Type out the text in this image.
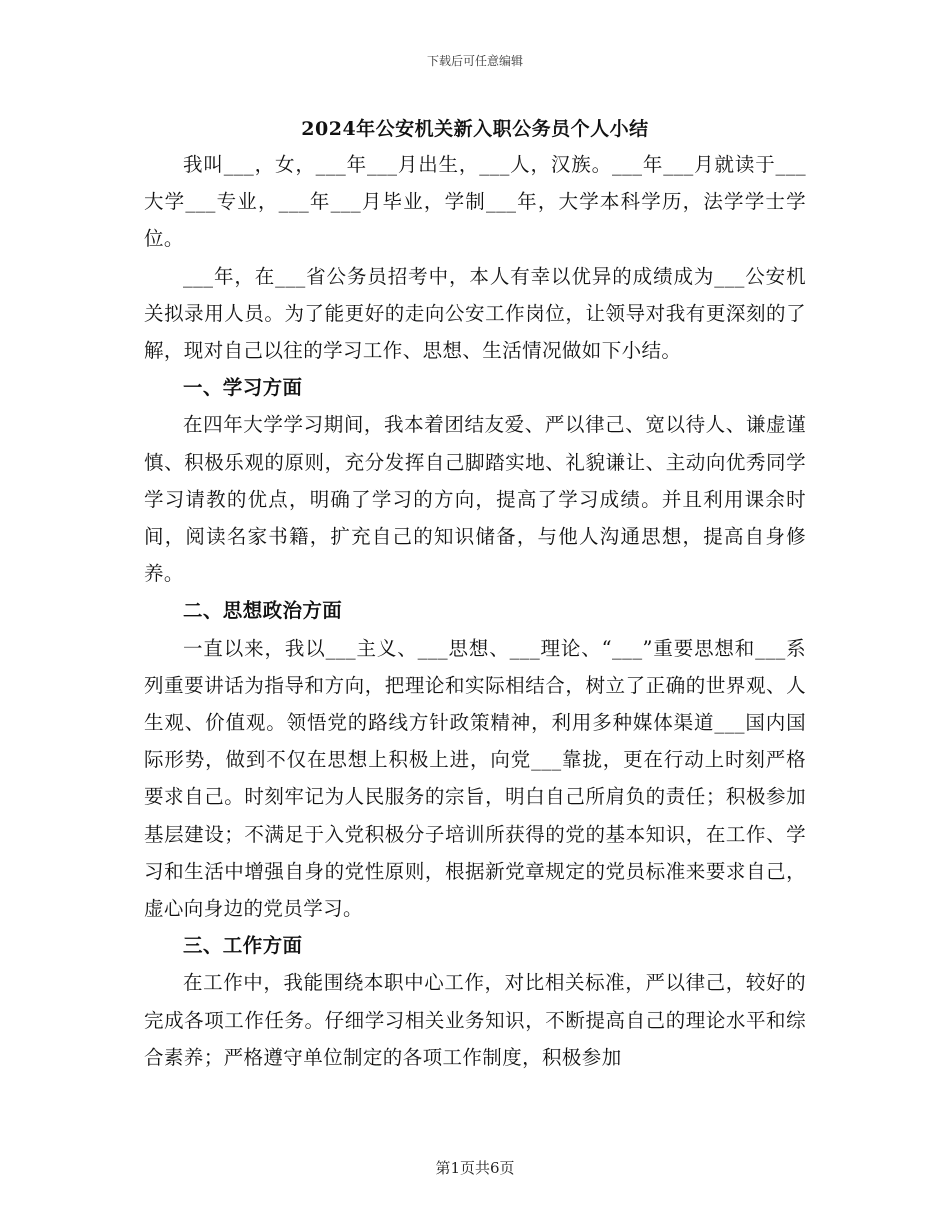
下载后可任意编辑
2024年公安机关新入职公务员个人小结

我叫___，女，___年___月出生，___人，汉族。___年___月就读于___大学___专业，___年___月毕业，学制___年，大学本科学历，法学学士学位。

___年，在___省公务员招考中，本人有幸以优异的成绩成为___公安机关拟录用人员。为了能更好的走向公安工作岗位，让领导对我有更深刻的了解，现对自己以往的学习工作、思想、生活情况做如下小结。

一、学习方面

在四年大学学习期间，我本着团结友爱、严以律己、宽以待人、谦虚谨慎、积极乐观的原则，充分发挥自己脚踏实地、礼貌谦让、主动向优秀同学学习请教的优点，明确了学习的方向，提高了学习成绩。并且利用课余时间，阅读名家书籍，扩充自己的知识储备，与他人沟通思想，提高自身修养。

二、思想政治方面

一直以来，我以___主义、___思想、___理论、“___”重要思想和___系列重要讲话为指导和方向，把理论和实际相结合，树立了正确的世界观、人生观、价值观。领悟党的路线方针政策精神，利用多种媒体渠道___国内国际形势，做到不仅在思想上积极上进，向党___靠拢，更在行动上时刻严格要求自己。时刻牢记为人民服务的宗旨，明白自己所肩负的责任；积极参加基层建设；不满足于入党积极分子培训所获得的党的基本知识，在工作、学习和生活中增强自身的党性原则，根据新党章规定的党员标准来要求自己，虚心向身边的党员学习。

三、工作方面

在工作中，我能围绕本职中心工作，对比相关标准，严以律己，较好的完成各项工作任务。仔细学习相关业务知识，不断提高自己的理论水平和综合素养；严格遵守单位制定的各项工作制度，积极参加

第1页共6页
